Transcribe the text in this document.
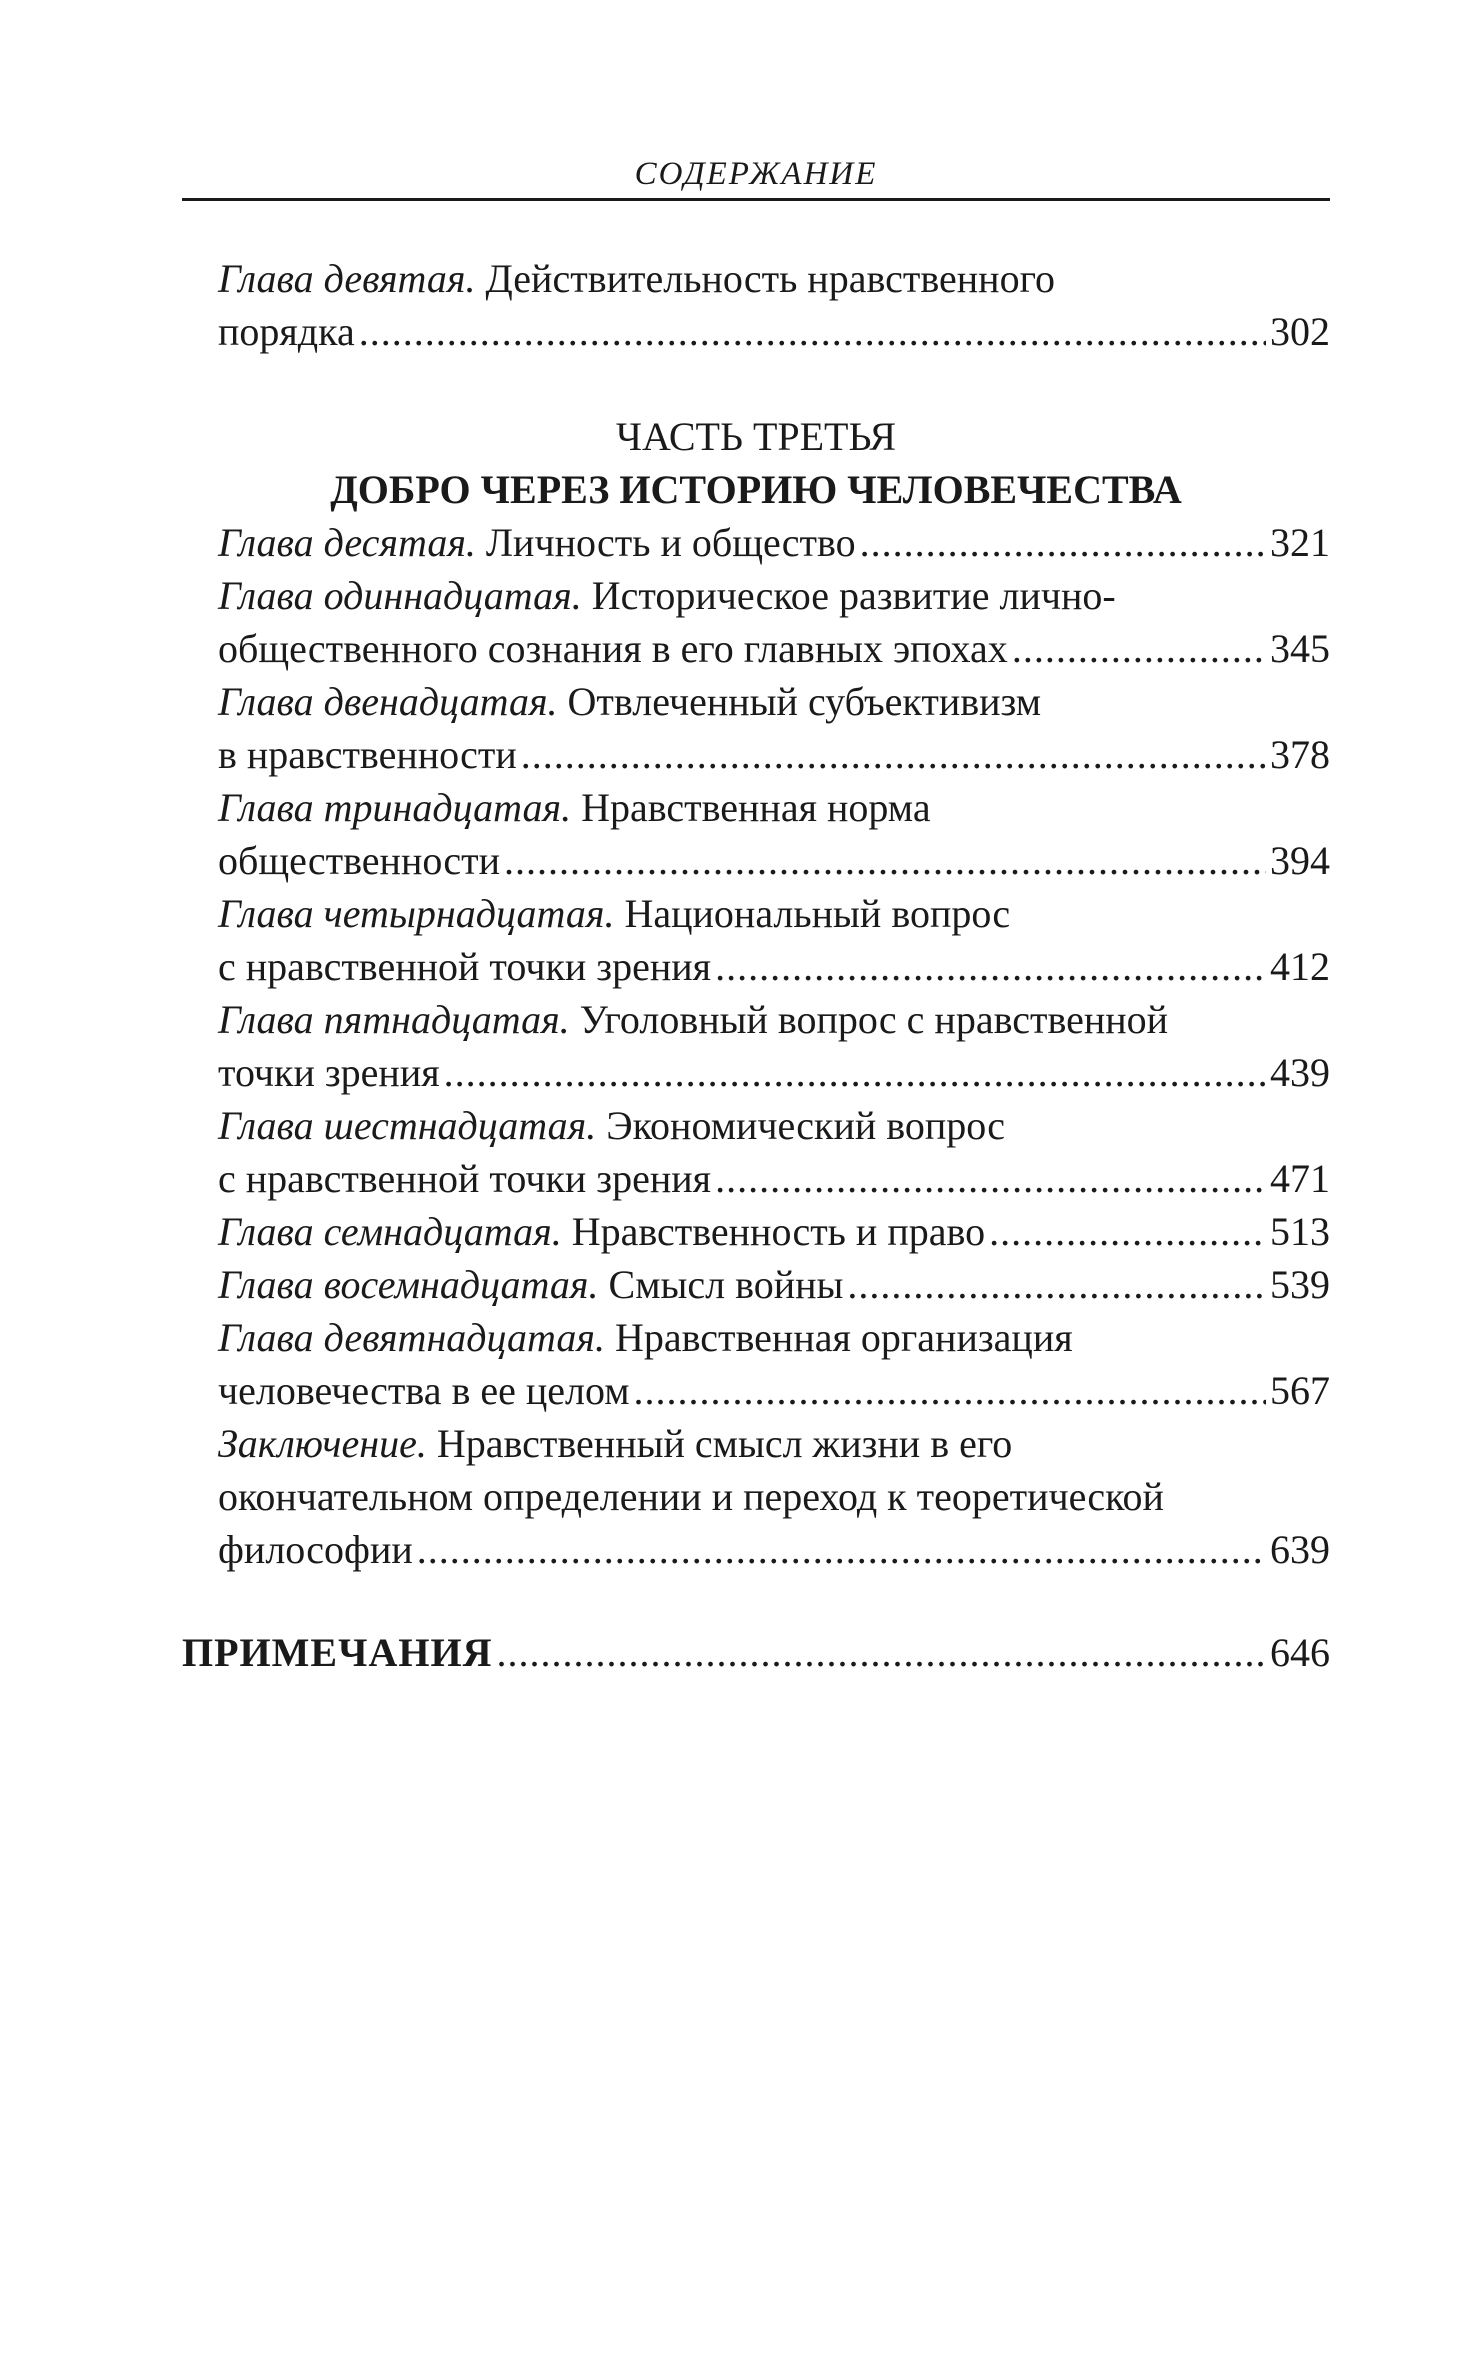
СОДЕРЖАНИЕ
Глава девятая. Действительность нравственного
порядка .....	302
ЧАСТЬ ТРЕТЬЯ
ДОБРО ЧЕРЕЗ ИСТОРИЮ ЧЕЛОВЕЧЕСТВА
Глава десятая. Личность и общество .....	321
Глава одиннадцатая. Историческое развитие лично-
общественного сознания в его главных эпохах .....	345
Глава двенадцатая. Отвлеченный субъективизм
в нравственности .....	378
Глава тринадцатая. Нравственная норма
общественности .....	394
Глава четырнадцатая. Национальный вопрос
с нравственной точки зрения .....	412
Глава пятнадцатая. Уголовный вопрос с нравственной
точки зрения .....	439
Глава шестнадцатая. Экономический вопрос
с нравственной точки зрения .....	471
Глава семнадцатая. Нравственность и право .....	513
Глава восемнадцатая. Смысл войны .....	539
Глава девятнадцатая. Нравственная организация
человечества в ее целом .....	567
Заключение. Нравственный смысл жизни в его
окончательном определении и переход к теоретической
философии .....	639
ПРИМЕЧАНИЯ .....	646
